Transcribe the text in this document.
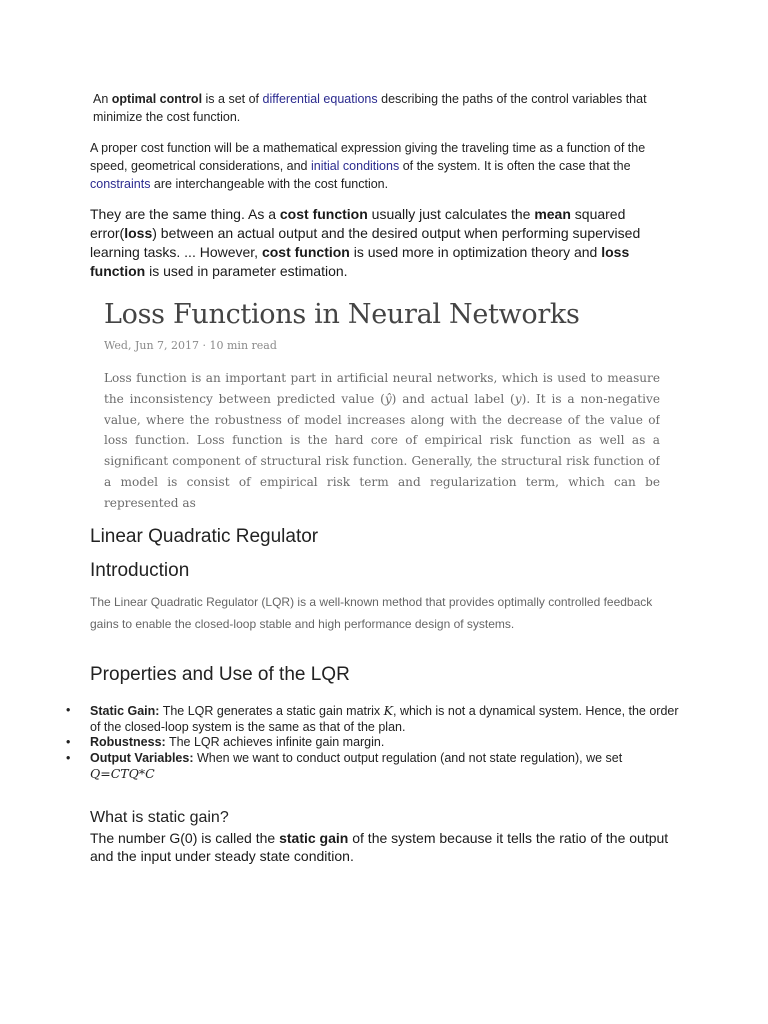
An optimal control is a set of differential equations describing the paths of the control variables that minimize the cost function.

A proper cost function will be a mathematical expression giving the traveling time as a function of the speed, geometrical considerations, and initial conditions of the system. It is often the case that the constraints are interchangeable with the cost function.

They are the same thing. As a cost function usually just calculates the mean squared error(loss) between an actual output and the desired output when performing supervised learning tasks. ... However, cost function is used more in optimization theory and loss function is used in parameter estimation.

Loss Functions in Neural Networks
Wed, Jun 7, 2017 · 10 min read
Loss function is an important part in artificial neural networks, which is used to measure the inconsistency between predicted value (ŷ) and actual label (y). It is a non-negative value, where the robustness of model increases along with the decrease of the value of loss function. Loss function is the hard core of empirical risk function as well as a significant component of structural risk function. Generally, the structural risk function of a model is consist of empirical risk term and regularization term, which can be represented as
Linear Quadratic Regulator
Introduction

The Linear Quadratic Regulator (LQR) is a well-known method that provides optimally controlled feedback gains to enable the closed-loop stable and high performance design of systems.

Properties and Use of the LQR
• Static Gain: The LQR generates a static gain matrix K, which is not a dynamical system. Hence, the order of the closed-loop system is the same as that of the plan.
• Robustness: The LQR achieves infinite gain margin.
• Output Variables: When we want to conduct output regulation (and not state regulation), we set Q=CTQ*C
What is static gain?

The number G(0) is called the static gain of the system because it tells the ratio of the output and the input under steady state condition.
